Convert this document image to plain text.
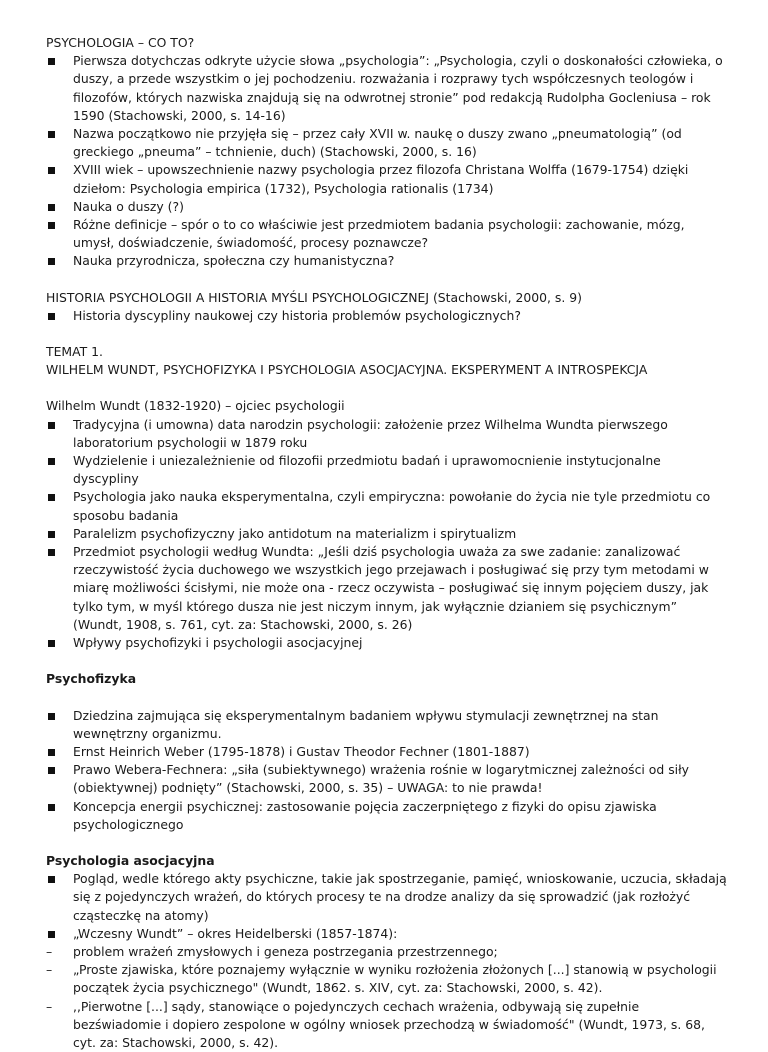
PSYCHOLOGIA – CO TO?

Pierwsza dotychczas odkryte użycie słowa „psychologia”: „Psychologia, czyli o doskonałości człowieka, o duszy, a przede wszystkim o jej pochodzeniu. rozważania i rozprawy tych współczesnych teologów i filozofów, których nazwiska znajdują się na odwrotnej stronie” pod redakcją Rudolpha Gocleniusa – rok 1590 (Stachowski, 2000, s. 14-16)
Nazwa początkowo nie przyjęła się – przez cały XVII w. naukę o duszy zwano „pneumatologią” (od greckiego „pneuma” – tchnienie, duch) (Stachowski, 2000, s. 16)
XVIII wiek – upowszechnienie nazwy psychologia przez filozofa Christana Wolffa (1679-1754) dzięki dziełom: Psychologia empirica (1732), Psychologia rationalis (1734)
Nauka o duszy (?)
Różne definicje – spór o to co właściwie jest przedmiotem badania psychologii: zachowanie, mózg, umysł, doświadczenie, świadomość, procesy poznawcze?
Nauka przyrodnicza, społeczna czy humanistyczna?

HISTORIA PSYCHOLOGII A HISTORIA MYŚLI PSYCHOLOGICZNEJ (Stachowski, 2000, s. 9)

Historia dyscypliny naukowej czy historia problemów psychologicznych?

TEMAT 1.

WILHELM WUNDT, PSYCHOFIZYKA I PSYCHOLOGIA ASOCJACYJNA. EKSPERYMENT A INTROSPEKCJA

Wilhelm Wundt (1832-1920) – ojciec psychologii

Tradycyjna (i umowna) data narodzin psychologii: założenie przez Wilhelma Wundta pierwszego laboratorium psychologii w 1879 roku
Wydzielenie i uniezależnienie od filozofii przedmiotu badań i uprawomocnienie instytucjonalne dyscypliny
Psychologia jako nauka eksperymentalna, czyli empiryczna: powołanie do życia nie tyle przedmiotu co sposobu badania
Paralelizm psychofizyczny jako antidotum na materializm i spirytualizm
Przedmiot psychologii według Wundta: „Jeśli dziś psychologia uważa za swe zadanie: zanalizować rzeczywistość życia duchowego we wszystkich jego przejawach i posługiwać się przy tym metodami w miarę możliwości ścisłymi, nie może ona - rzecz oczywista – posługiwać się innym pojęciem duszy, jak tylko tym, w myśl którego dusza nie jest niczym innym, jak wyłącznie dzianiem się psychicznym” (Wundt, 1908, s. 761, cyt. za: Stachowski, 2000, s. 26)
Wpływy psychofizyki i psychologii asocjacyjnej

Psychofizyka

Dziedzina zajmująca się eksperymentalnym badaniem wpływu stymulacji zewnętrznej na stan wewnętrzny organizmu.
Ernst Heinrich Weber (1795-1878) i Gustav Theodor Fechner (1801-1887)
Prawo Webera-Fechnera: „siła (subiektywnego) wrażenia rośnie w logarytmicznej zależności od siły (obiektywnej) podnięty” (Stachowski, 2000, s. 35) – UWAGA: to nie prawda!
Koncepcja energii psychicznej: zastosowanie pojęcia zaczerpniętego z fizyki do opisu zjawiska psychologicznego

Psychologia asocjacyjna

Pogląd, wedle którego akty psychiczne, takie jak spostrzeganie, pamięć, wnioskowanie, uczucia, składają się z pojedynczych wrażeń, do których procesy te na drodze analizy da się sprowadzić (jak rozłożyć cząsteczkę na atomy)
„Wczesny Wundt” – okres Heidelberski (1857-1874):
– problem wrażeń zmysłowych i geneza postrzegania przestrzennego;
– „Proste zjawiska, które poznajemy wyłącznie w wyniku rozłożenia złożonych [...] stanowią w psychologii początek życia psychicznego" (Wundt, 1862. s. XIV, cyt. za: Stachowski, 2000, s. 42).
– ,,Pierwotne [...] sądy, stanowiące o pojedynczych cechach wrażenia, odbywają się zupełnie bezświadomie i dopiero zespolone w ogólny wniosek przechodzą w świadomość" (Wundt, 1973, s. 68, cyt. za: Stachowski, 2000, s. 42).
